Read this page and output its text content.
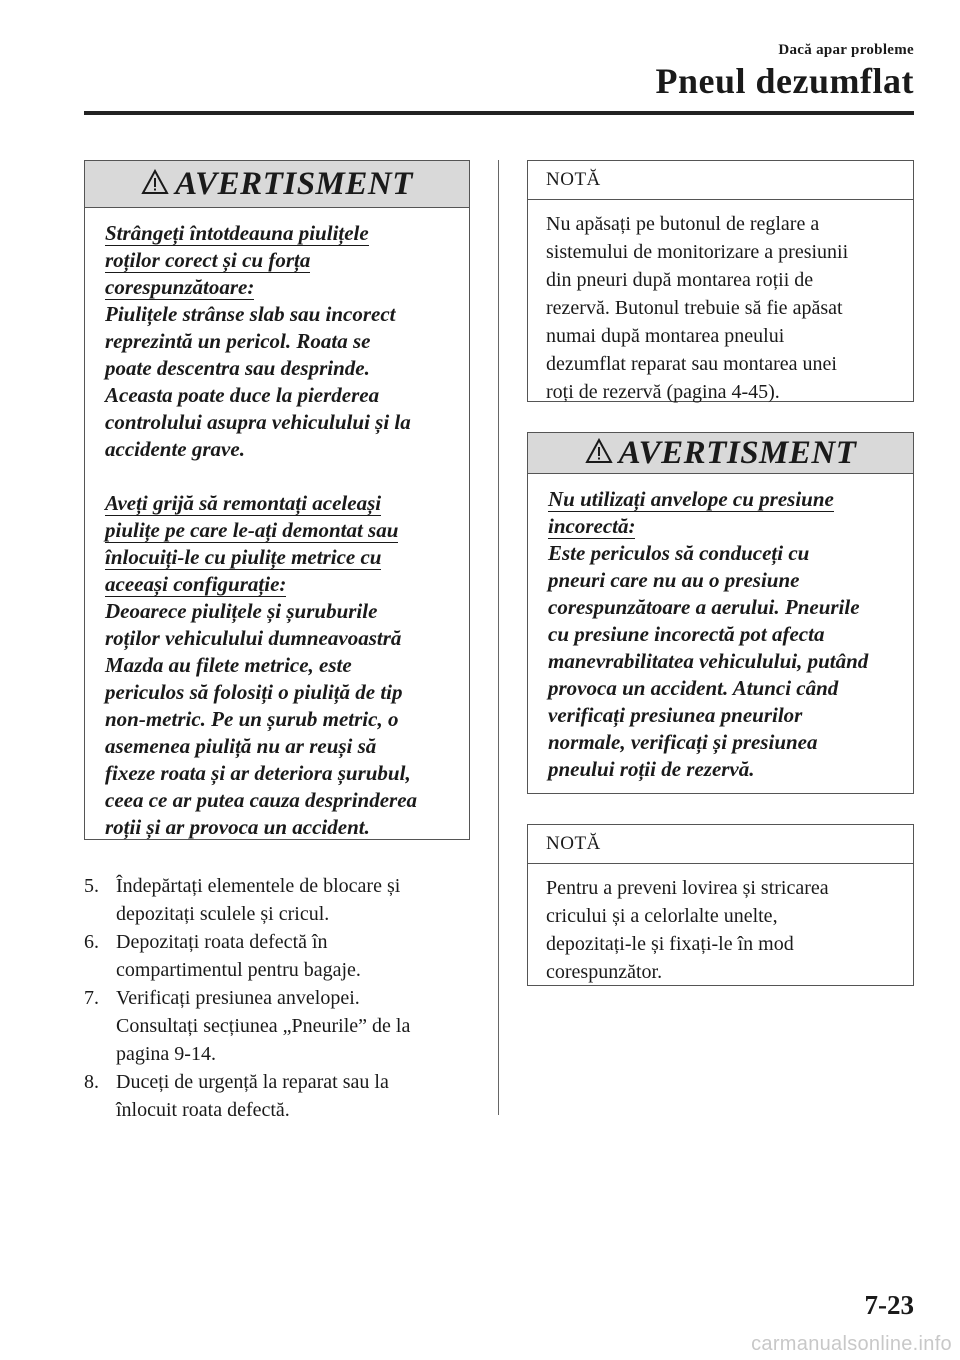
Dacă apar probleme
Pneul dezumflat
AVERTISMENT

Strângeți întotdeauna piulițele

roților corect și cu forța

corespunzătoare:

Piulițele strânse slab sau incorect

reprezintă un pericol. Roata se

poate descentra sau desprinde.

Aceasta poate duce la pierderea

controlului asupra vehiculului și la

accidente grave.

Aveți grijă să remontați aceleași

piulițe pe care le-ați demontat sau

înlocuiți-le cu piulițe metrice cu

aceeași configurație:

Deoarece piulițele și șuruburile

roților vehiculului dumneavoastră

Mazda au filete metrice, este

periculos să folosiți o piuliță de tip

non-metric. Pe un șurub metric, o

asemenea piuliță nu ar reuși să

fixeze roata și ar deteriora șurubul,

ceea ce ar putea cauza desprinderea

roții și ar provoca un accident.

5. Îndepărtați elementele de blocare și
depozitați sculele și cricul.
6. Depozitați roata defectă în
compartimentul pentru bagaje.
7. Verificați presiunea anvelopei.
Consultați secțiunea „Pneurile” de la
pagina 9-14.
8. Duceți de urgență la reparat sau la
înlocuit roata defectă.
NOTĂ
Nu apăsați pe butonul de reglare a
sistemului de monitorizare a presiunii
din pneuri după montarea roții de
rezervă. Butonul trebuie să fie apăsat
numai după montarea pneului
dezumflat reparat sau montarea unei
roți de rezervă (pagina 4-45).
AVERTISMENT

Nu utilizați anvelope cu presiune

incorectă:

Este periculos să conduceți cu

pneuri care nu au o presiune

corespunzătoare a aerului. Pneurile

cu presiune incorectă pot afecta

manevrabilitatea vehiculului, putând

provoca un accident. Atunci când

verificați presiunea pneurilor

normale, verificați și presiunea

pneului roții de rezervă.

NOTĂ
Pentru a preveni lovirea și stricarea
cricului și a celorlalte unelte,
depozitați-le și fixați-le în mod
corespunzător.
7-23
carmanualsonline.info
